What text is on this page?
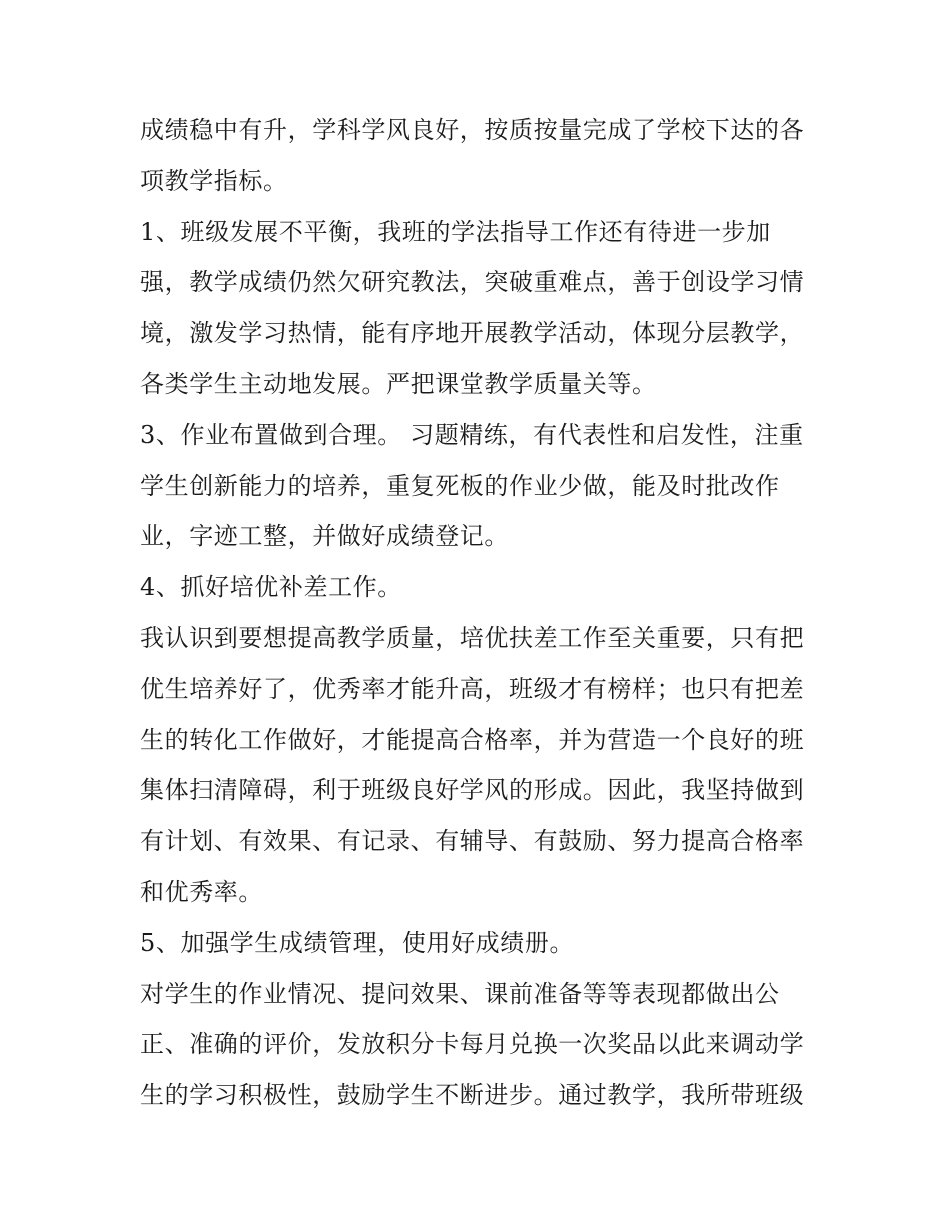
成绩稳中有升，学科学风良好，按质按量完成了学校下达的各
项教学指标。
1、班级发展不平衡，我班的学法指导工作还有待进一步加
强，教学成绩仍然欠研究教法，突破重难点，善于创设学习情
境，激发学习热情，能有序地开展教学活动，体现分层教学，
各类学生主动地发展。严把课堂教学质量关等。
3、作业布置做到合理。 习题精练，有代表性和启发性，注重
学生创新能力的培养，重复死板的作业少做，能及时批改作
业，字迹工整，并做好成绩登记。
4、抓好培优补差工作。
我认识到要想提高教学质量，培优扶差工作至关重要，只有把
优生培养好了，优秀率才能升高，班级才有榜样；也只有把差
生的转化工作做好，才能提高合格率，并为营造一个良好的班
集体扫清障碍，利于班级良好学风的形成。因此，我坚持做到
有计划、有效果、有记录、有辅导、有鼓励、努力提高合格率
和优秀率。
5、加强学生成绩管理，使用好成绩册。
对学生的作业情况、提问效果、课前准备等等表现都做出公
正、准确的评价，发放积分卡每月兑换一次奖品以此来调动学
生的学习积极性，鼓励学生不断进步。通过教学，我所带班级
